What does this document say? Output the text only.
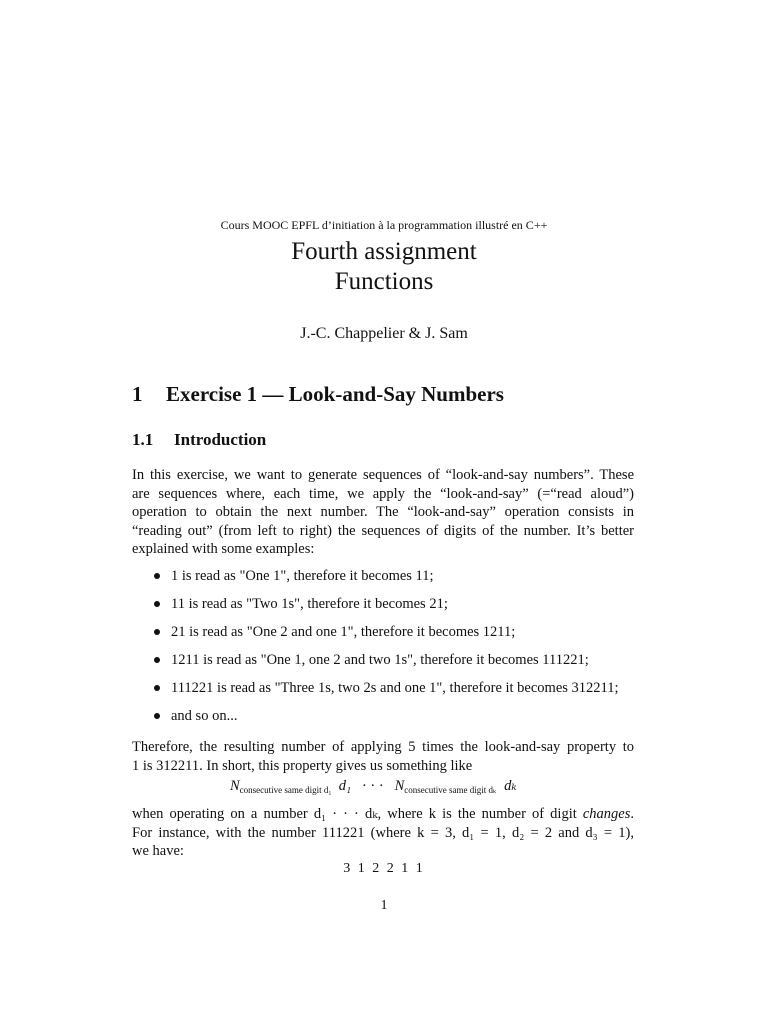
Cours MOOC EPFL d’initiation à la programmation illustré en C++
Fourth assignment
Functions
J.-C. Chappelier & J. Sam
1 Exercise 1 — Look-and-Say Numbers
1.1 Introduction
In this exercise, we want to generate sequences of “look-and-say numbers”. These
are sequences where, each time, we apply the “look-and-say” (=“read aloud”)
operation to obtain the next number. The “look-and-say” operation consists in
“reading out” (from left to right) the sequences of digits of the number. It’s better
explained with some examples:
1 is read as "One 1", therefore it becomes 11;
11 is read as "Two 1s", therefore it becomes 21;
21 is read as "One 2 and one 1", therefore it becomes 1211;
1211 is read as "One 1, one 2 and two 1s", therefore it becomes 111221;
111221 is read as "Three 1s, two 2s and one 1", therefore it becomes 312211;
and so on...
Therefore, the resulting number of applying 5 times the look-and-say property to
1 is 312211. In short, this property gives us something like
$N_{consecutive same digit d_1}$ d₁ · · · $N_{consecutive same digit d_k}$ dₖ
when operating on a number d₁ · · · dₖ, where k is the number of digit changes.
For instance, with the number 111221 (where k = 3, d₁ = 1, d₂ = 2 and d₃ = 1),
we have:
3 1 2 2 1 1
1
